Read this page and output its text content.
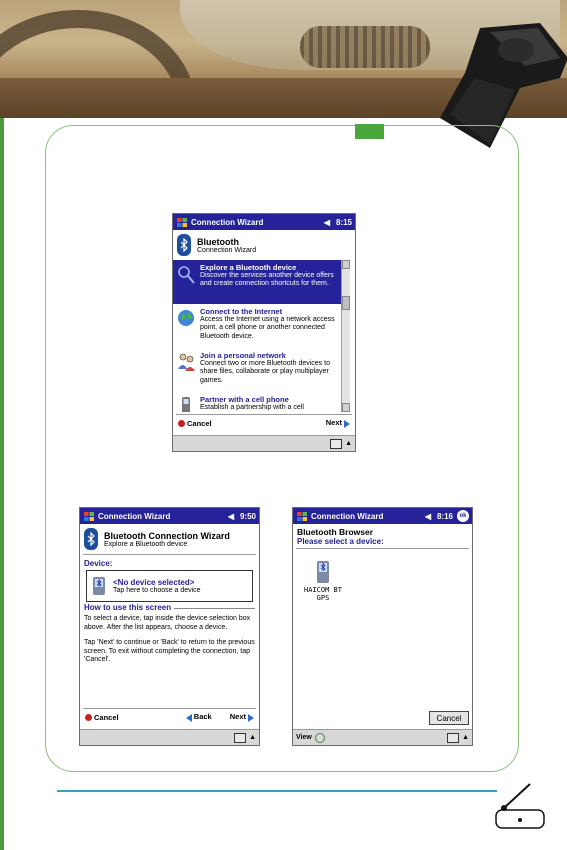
Connection Wizard	◀︎ 8:15
Bluetooth
Connection Wizard
Explore a Bluetooth device
Discover the services another device offers and create connection shortcuts for them.
Connect to the Internet
Access the Internet using a network access point, a cell phone or another connected Bluetooth device.
Join a personal network
Connect two or more Bluetooth devices to share files, collaborate or play multiplayer games.
Partner with a cell phone
Establish a partnership with a cell
Cancel	Next
▲
Connection Wizard	◀︎ 9:50
Bluetooth Connection Wizard
Explore a Bluetooth device
Device:
<No device selected>
Tap here to choose a device
How to use this screen
To select a device, tap inside the device selection box above. After the list appears, choose a device.
Tap 'Next' to continue or 'Back' to return to the previous screen. To exit without completing the connection, tap 'Cancel'.
Cancel	Back Next
▲
Connection Wizard	◀︎ 8:16	ok
Bluetooth Browser
Please select a device:
HAICOM BT GPS
Cancel
View	▲
